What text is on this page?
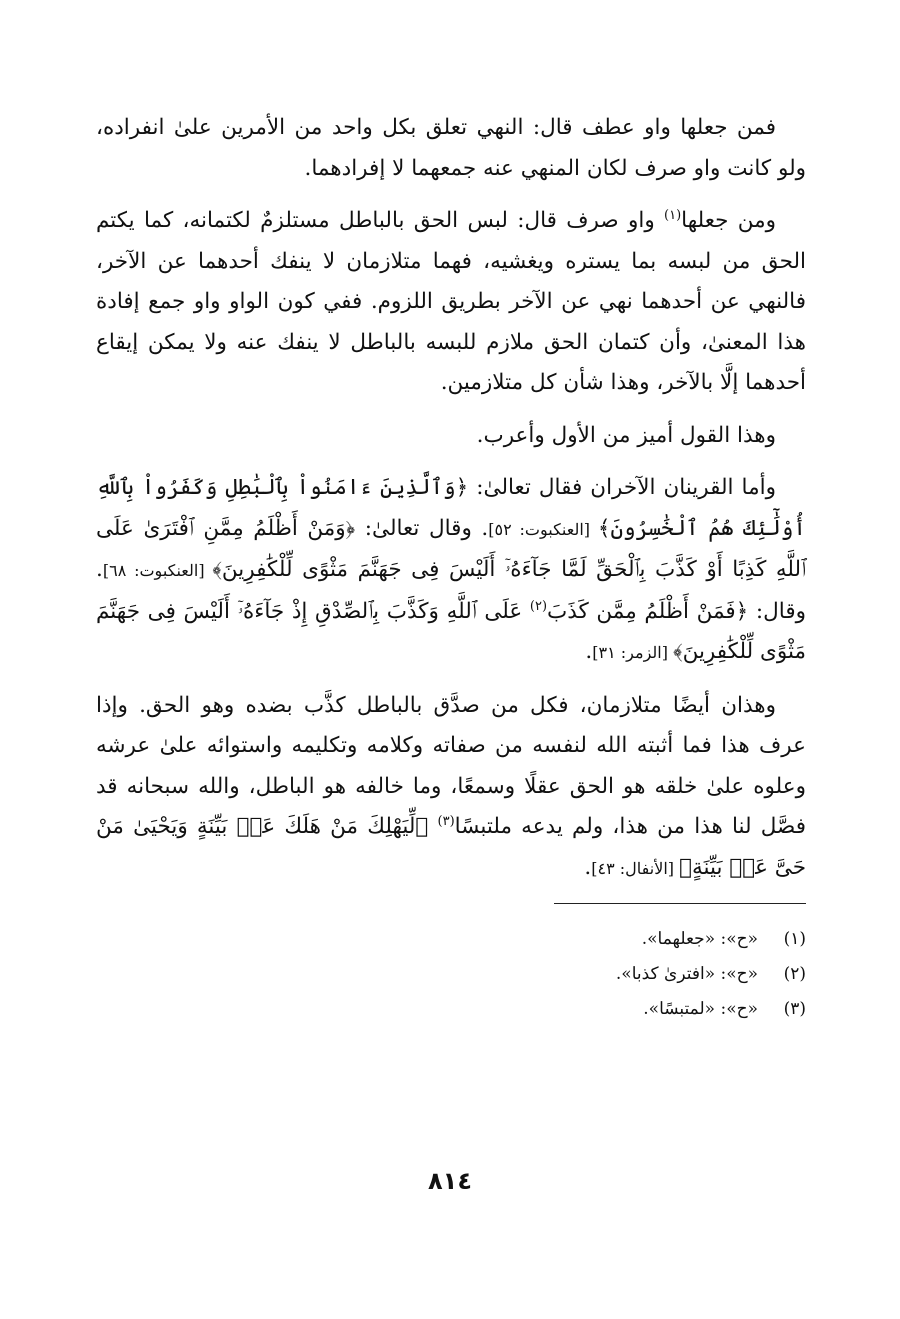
فمن جعلها واو عطف قال: النهي تعلق بكل واحد من الأمرين علىٰ انفراده، ولو كانت واو صرف لكان المنهي عنه جمعهما لا إفرادهما.

ومن جعلها$^{(١)}$ واو صرف قال: لبس الحق بالباطل مستلزمٌ لكتمانه، كما يكتم الحق من لبسه بما يستره ويغشيه، فهما متلازمان لا ينفك أحدهما عن الآخر، فالنهي عن أحدهما نهي عن الآخر بطريق اللزوم. ففي كون الواو واو جمع إفادة هذا المعنىٰ، وأن كتمان الحق ملازم للبسه بالباطل لا ينفك عنه ولا يمكن إيقاع أحدهما إلَّا بالآخر، وهذا شأن كل متلازمين.

وهذا القول أميز من الأول وأعرب.

وأما القرينان الآخران فقال تعالىٰ: ﴿وَٱلَّذِينَ ءَامَنُواْ بِٱلْبَٰطِلِ وَكَفَرُواْ بِٱللَّهِ أُوْلَٰٓئِكَ هُمُ ٱلْخَٰسِرُونَ﴾ [العنكبوت: ٥٢]. وقال تعالىٰ: ﴿وَمَنْ أَظْلَمُ مِمَّنِ ٱفْتَرَىٰ عَلَى ٱللَّهِ كَذِبًا أَوْ كَذَّبَ بِٱلْحَقِّ لَمَّا جَآءَهُۥٓ أَلَيْسَ فِى جَهَنَّمَ مَثْوًى لِّلْكَٰفِرِينَ﴾ [العنكبوت: ٦٨]. وقال: ﴿فَمَنْ أَظْلَمُ مِمَّن كَذَبَ$^{(٢)}$ عَلَى ٱللَّهِ وَكَذَّبَ بِٱلصِّدْقِ إِذْ جَآءَهُۥٓ أَلَيْسَ فِى جَهَنَّمَ مَثْوًى لِّلْكَٰفِرِينَ﴾ [الزمر: ٣١].

وهذان أيضًا متلازمان، فكل من صدَّق بالباطل كذَّب بضده وهو الحق. وإذا عرف هذا فما أثبته الله لنفسه من صفاته وكلامه وتكليمه واستوائه علىٰ عرشه وعلوه علىٰ خلقه هو الحق عقلًا وسمعًا، وما خالفه هو الباطل، والله سبحانه قد فصَّل لنا هذا من هذا، ولم يدعه ملتبسًا$^{(٣)}$ ﴿لِّيَهْلِكَ مَنْ هَلَكَ عَنۢ بَيِّنَةٍ وَيَحْيَىٰ مَنْ حَىَّ عَنۢ بَيِّنَةٍ﴾ [الأنفال: ٤٣].

(١)
«ح»: «جعلهما».
(٢)
«ح»: «افترىٰ كذبا».
(٣)
«ح»: «لمتبسًا».
٨١٤
